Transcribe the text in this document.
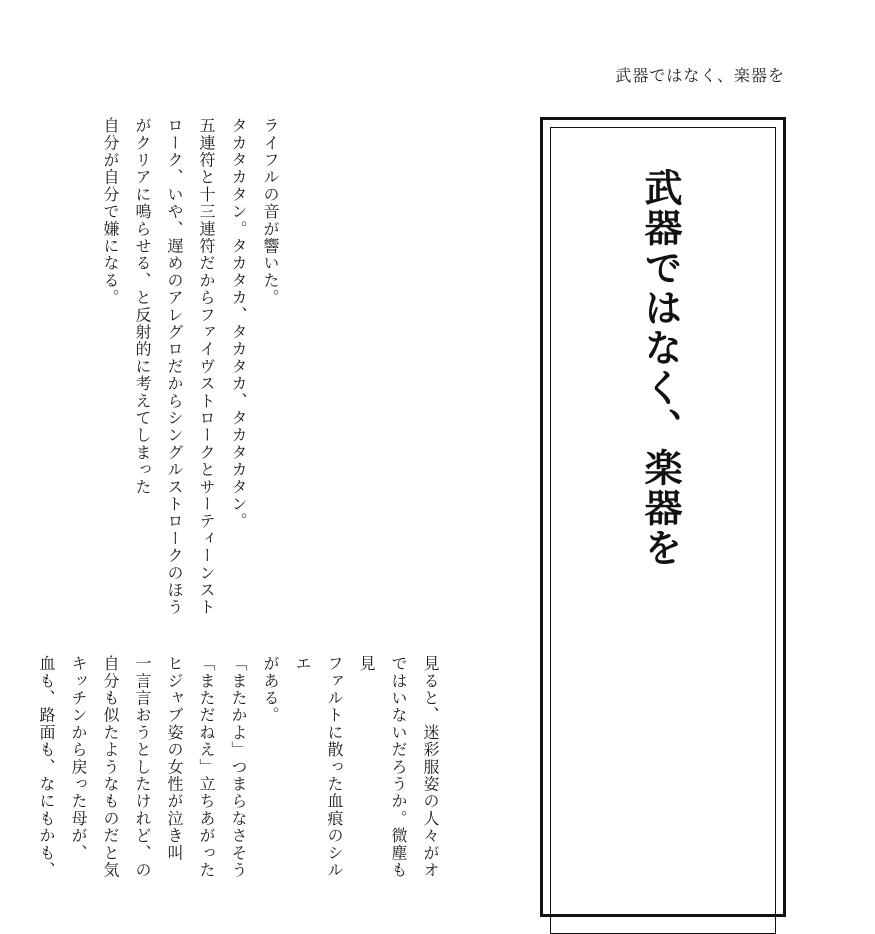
武器ではなく、楽器を
武器ではなく、楽器を

ライフルの音が響いた。

タカタカタン。タカタカ、タカタカ、タカタカタン。

五連符と十三連符だからファイヴストロークとサーティーンストローク、いや、遅めのアレグロだからシングルストロークのほうがクリアに鳴らせる、と反射的に考えてしまった

自分が自分で嫌になる。

見ると、迷彩服姿の人々がオ

ではいないだろうか。微塵も見

ファルトに散った血痕のシルエ

がある。

「またかよ」つまらなさそう

「まただねえ」立ちあがった

ヒジャブ姿の女性が泣き叫

一言言おうとしたけれど、の

自分も似たようなものだと気

キッチンから戻った母が、

血も、路面も、なにもかも、
